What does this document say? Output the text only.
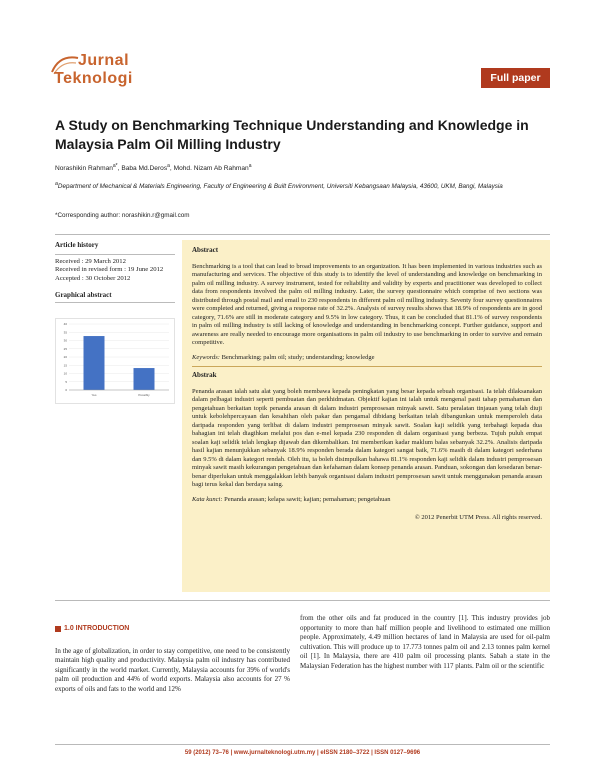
Jurnal
Teknologi	Full paper
A Study on Benchmarking Technique Understanding and Knowledge in Malaysia Palm Oil Milling Industry
Norashikin Rahman$^{a*}$, Baba Md.Deros$^a$, Mohd. Nizam Ab Rahman$^a$
$^a$Department of Mechanical & Materials Engineering, Faculty of Engineering & Built Environment, Universiti Kebangsaan Malaysia, 43600, UKM, Bangi, Malaysia
*Corresponding author: norashikin.r@gmail.com
Article history
Received : 29 March 2012
Received in revised form : 19 June 2012
Accepted : 30 October 2012
Graphical abstract
40
35
30
25
20
15
10
5
0
Yes	Possibly
Abstract
Benchmarking is a tool that can lead to broad improvements to an organization. It has been implemented in various industries such as manufacturing and services. The objective of this study is to identify the level of understanding and knowledge on benchmarking in palm oil milling industry. A survey instrument, tested for reliability and validity by experts and practitioner was developed to collect data from respondents involved the palm oil milling industry. Later, the survey questionnaire which comprise of two sections was distributed through postal mail and email to 230 respondents in different palm oil milling industry. Seventy four survey questionnaires were completed and returned, giving a response rate of 32.2%. Analysis of survey results shows that 18.9% of respondents are in good category, 71.6% are still in moderate category and 9.5% in low category. Thus, it can be concluded that 81.1% of survey respondents in palm oil milling industry is still lacking of knowledge and understanding in benchmarking concept. Further guidance, support and awareness are really needed to encourage more organisations in palm oil industry to use benchmarking in order to survive and remain competitive.
Keywords: Benchmarking; palm oil; study; understanding; knowledge
Abstrak
Penanda arasan ialah satu alat yang boleh membawa kepada peningkatan yang besar kepada sebuah organisasi. Ia telah dilaksanakan dalam pelbagai industri seperti pembuatan dan perkhidmatan. Objektif kajian ini ialah untuk mengenal pasti tahap pemahaman dan pengetahuan berkaitan topik penanda arasan di dalam industri pemprosesan minyak sawit. Satu peralatan tinjauan yang telah diuji untuk kebolehpercayaan dan kesahihan oleh pakar dan pengamal dibidang berkaitan telah dibangunkan untuk memperoleh data daripada responden yang terlibat di dalam industri pemprosesan minyak sawit. Soalan kaji selidik yang terbahagi kepada dua bahagian ini telah diagihkan melalui pos dan e-mel kepada 230 responden di dalam organisasi yang berbeza. Tujuh puluh empat soalan kaji selidik telah lengkap dijawab dan dikembalikan. Ini memberikan kadar maklum balas sebanyak 32.2%. Analisis daripada hasil kajian menunjukkan sebanyak 18.9% responden berada dalam kategori sangat baik, 71.6% masih di dalam kategori sederhana dan 9.5% di dalam kategori rendah. Oleh itu, ia boleh disimpulkan bahawa 81.1% responden kaji selidik dalam industri pemprosesan minyak sawit masih kekurangan pengetahuan dan kefahaman dalam konsep penanda arasan. Panduan, sokongan dan kesedaran benar-benar diperlukan untuk menggalakkan lebih banyak organisasi dalam industri pemprosesan sawit untuk menggunakan penanda arasan bagi terus kekal dan berdaya saing.
Kata kunci: Penanda arasan; kelapa sawit; kajian; pemahaman; pengetahuan
© 2012 Penerbit UTM Press. All rights reserved.
1.0 INTRODUCTION
In the age of globalization, in order to stay competitive, one need to be consistently maintain high quality and productivity. Malaysia palm oil industry has contributed significantly in the world market. Currently, Malaysia accounts for 39% of world's palm oil production and 44% of world exports. Malaysia also accounts for 27 % exports of oils and fats to the world and 12%
from the other oils and fat produced in the country [1]. This industry provides job opportunity to more than half million people and livelihood to estimated one million people. Approximately, 4.49 million hectares of land in Malaysia are used for oil-palm cultivation. This will produce up to 17.773 tonnes palm oil and 2.13 tonnes palm kernel oil [1]. In Malaysia, there are 410 palm oil processing plants. Sabah a state in the Malaysian Federation has the highest number with 117 plants. Palm oil or the scientific
59 (2012) 73–76 | www.jurnalteknologi.utm.my | eISSN 2180–3722 | ISSN 0127–9696
